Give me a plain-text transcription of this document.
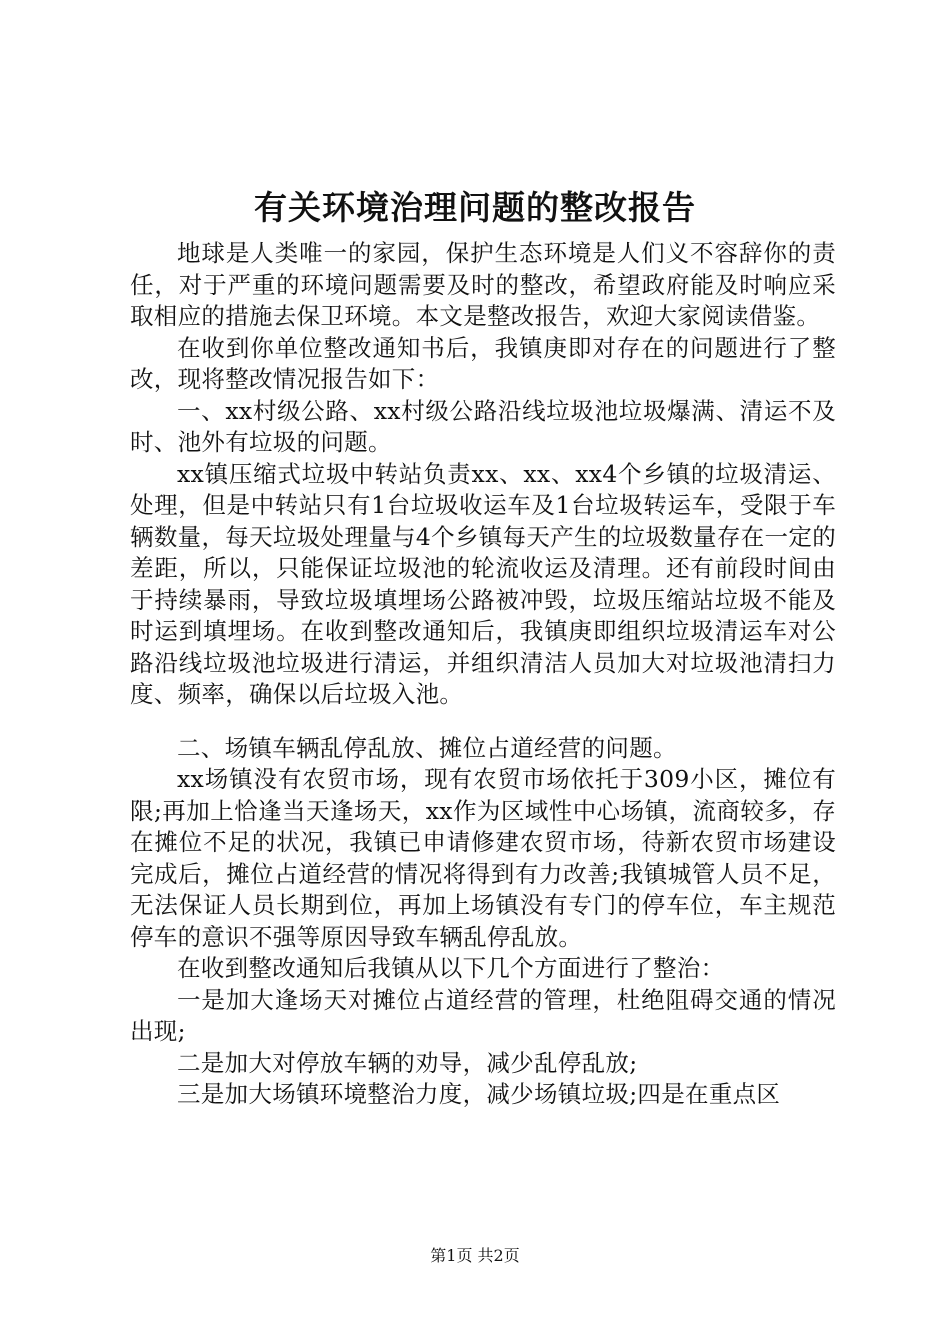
有关环境治理问题的整改报告

地球是人类唯一的家园，保护生态环境是人们义不容辞你的责任，对于严重的环境问题需要及时的整改，希望政府能及时响应采取相应的措施去保卫环境。本文是整改报告，欢迎大家阅读借鉴。

在收到你单位整改通知书后，我镇庚即对存在的问题进行了整改，现将整改情况报告如下：

一、xx村级公路、xx村级公路沿线垃圾池垃圾爆满、清运不及时、池外有垃圾的问题。

xx镇压缩式垃圾中转站负责xx、xx、xx4个乡镇的垃圾清运、处理，但是中转站只有1台垃圾收运车及1台垃圾转运车，受限于车辆数量，每天垃圾处理量与4个乡镇每天产生的垃圾数量存在一定的差距，所以，只能保证垃圾池的轮流收运及清理。还有前段时间由于持续暴雨，导致垃圾填埋场公路被冲毁，垃圾压缩站垃圾不能及时运到填埋场。在收到整改通知后，我镇庚即组织垃圾清运车对公路沿线垃圾池垃圾进行清运，并组织清洁人员加大对垃圾池清扫力度、频率，确保以后垃圾入池。

二、场镇车辆乱停乱放、摊位占道经营的问题。

xx场镇没有农贸市场，现有农贸市场依托于309小区，摊位有限;再加上恰逢当天逢场天，xx作为区域性中心场镇，流商较多，存在摊位不足的状况，我镇已申请修建农贸市场，待新农贸市场建设完成后，摊位占道经营的情况将得到有力改善;我镇城管人员不足，无法保证人员长期到位，再加上场镇没有专门的停车位，车主规范停车的意识不强等原因导致车辆乱停乱放。

在收到整改通知后我镇从以下几个方面进行了整治：

一是加大逢场天对摊位占道经营的管理，杜绝阻碍交通的情况出现;

二是加大对停放车辆的劝导，减少乱停乱放;

三是加大场镇环境整治力度，减少场镇垃圾;四是在重点区

第1页 共2页
